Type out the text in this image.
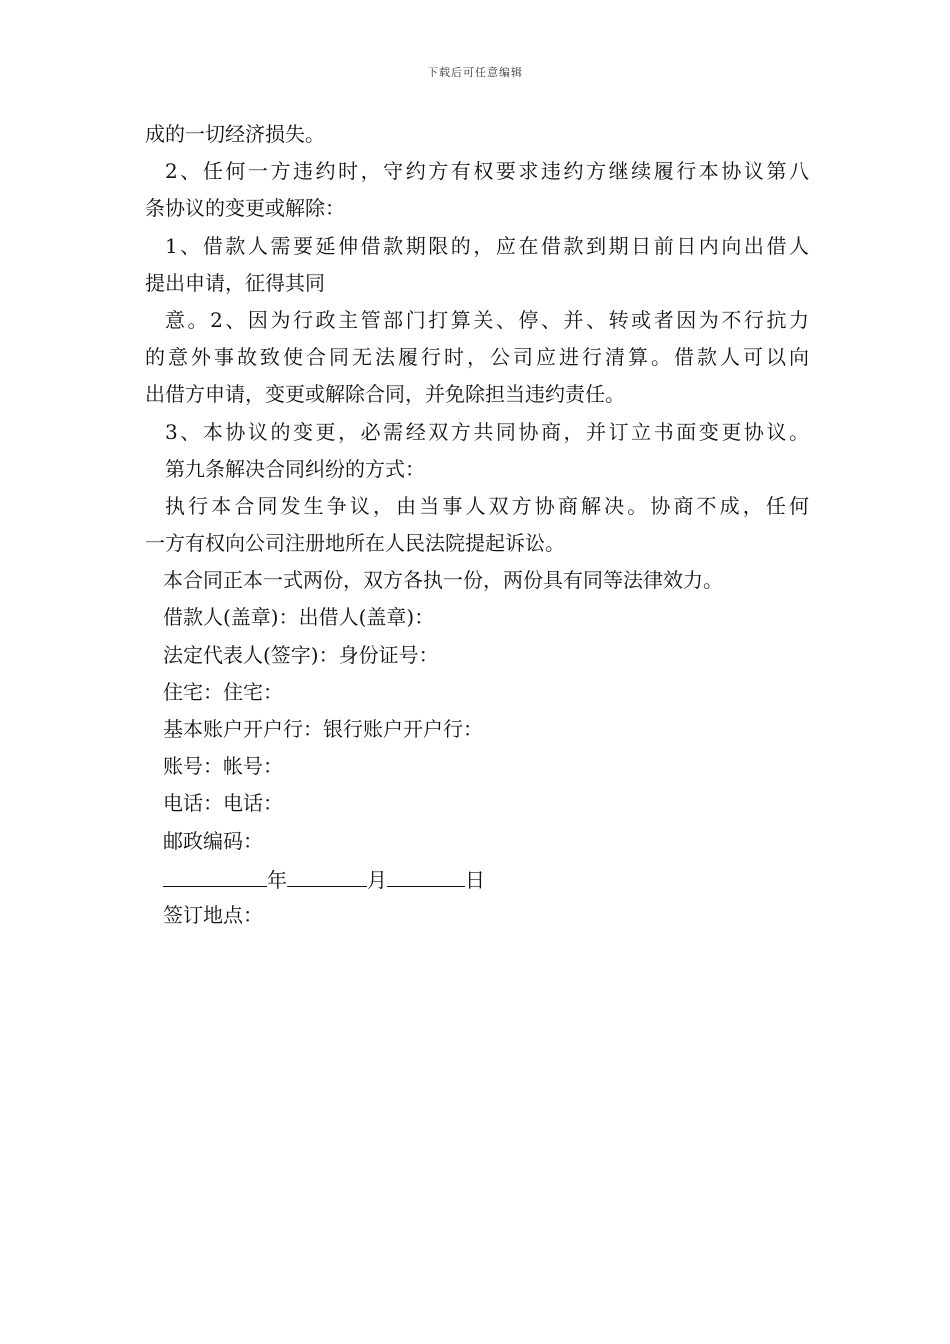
下载后可任意编辑

成的一切经济损失。

2、任何一方违约时，守约方有权要求违约方继续履行本协议第八

条协议的变更或解除：

1、借款人需要延伸借款期限的，应在借款到期日前日内向出借人

提出申请，征得其同

意。2、因为行政主管部门打算关、停、并、转或者因为不行抗力

的意外事故致使合同无法履行时，公司应进行清算。借款人可以向

出借方申请，变更或解除合同，并免除担当违约责任。

3、本协议的变更，必需经双方共同协商，并订立书面变更协议。

第九条解决合同纠纷的方式：

执行本合同发生争议，由当事人双方协商解决。协商不成，任何

一方有权向公司注册地所在人民法院提起诉讼。

本合同正本一式两份，双方各执一份，两份具有同等法律效力。

借款人(盖章)：出借人(盖章)：

法定代表人(签字)：身份证号：

住宅：住宅：

基本账户开户行：银行账户开户行：

账号：帐号：

电话：电话：

邮政编码：

年	月	日

签订地点：
